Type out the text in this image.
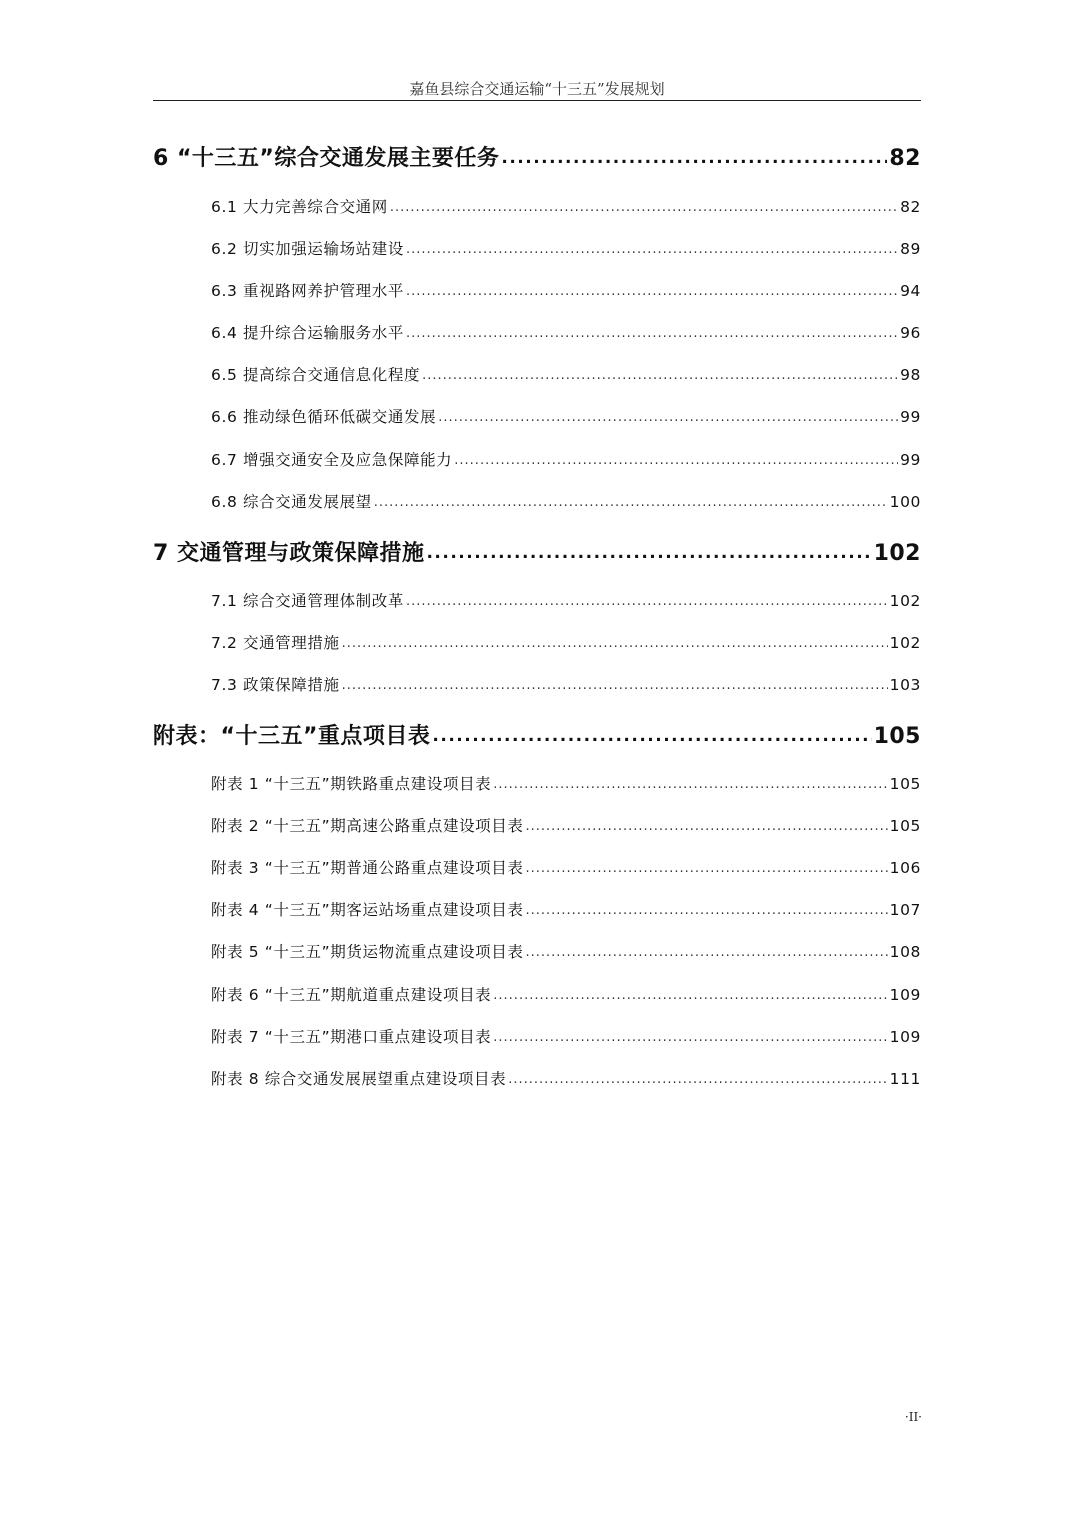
嘉鱼县综合交通运输“十三五”发展规划
6 “十三五”综合交通发展主要任务 .....	82
6.1 大力完善综合交通网 .....	82
6.2 切实加强运输场站建设 .....	89
6.3 重视路网养护管理水平 .....	94
6.4 提升综合运输服务水平 .....	96
6.5 提高综合交通信息化程度 .....	98
6.6 推动绿色循环低碳交通发展 .....	99
6.7 增强交通安全及应急保障能力 .....	99
6.8 综合交通发展展望 .....	100
7 交通管理与政策保障措施 .....	102
7.1 综合交通管理体制改革 .....	102
7.2 交通管理措施 .....	102
7.3 政策保障措施 .....	103
附表：“十三五”重点项目表 .....	105
附表 1 “十三五”期铁路重点建设项目表 .....	105
附表 2 “十三五”期高速公路重点建设项目表 .....	105
附表 3 “十三五”期普通公路重点建设项目表 .....	106
附表 4 “十三五”期客运站场重点建设项目表 .....	107
附表 5 “十三五”期货运物流重点建设项目表 .....	108
附表 6 “十三五”期航道重点建设项目表 .....	109
附表 7 “十三五”期港口重点建设项目表 .....	109
附表 8 综合交通发展展望重点建设项目表 .....	111
·II·
